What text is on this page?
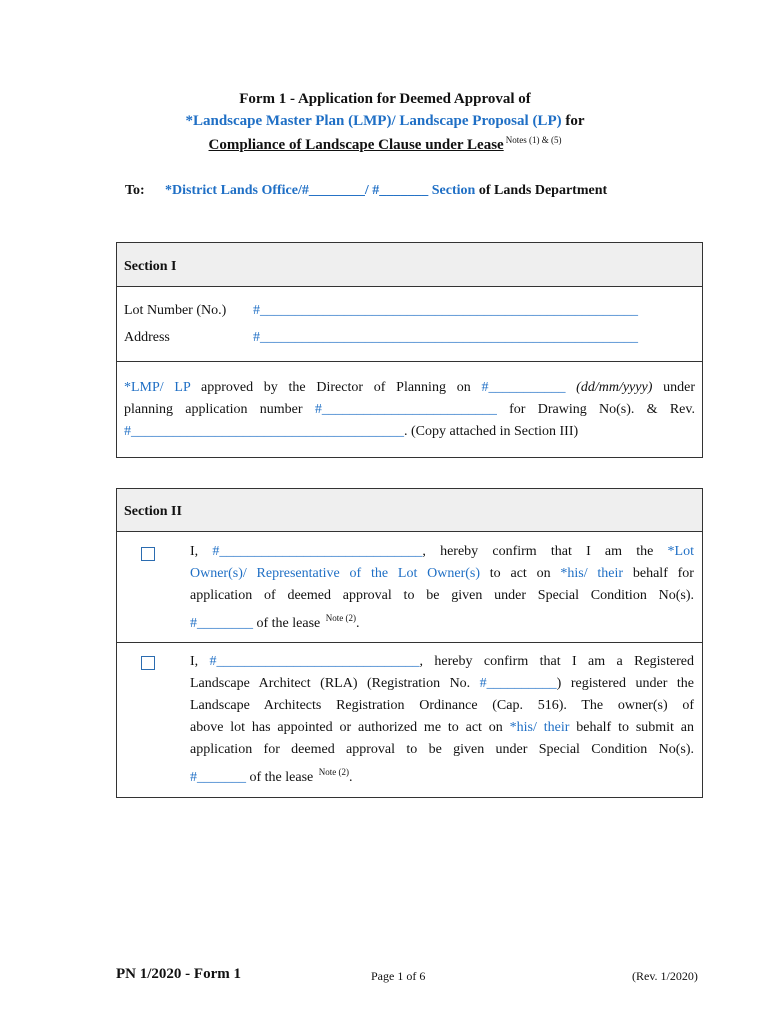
Form 1 - Application for Deemed Approval of
*Landscape Master Plan (LMP)/ Landscape Proposal (LP) for
Compliance of Landscape Clause under Lease $^{Notes (1) \& (5)}$
To: *District Lands Office/#________/ #_______ Section of Lands Department
Section I
Lot Number (No.) #______________________________________________________
Address	#______________________________________________________
*LMP/ LP approved by the Director of Planning on #___________ (dd/mm/yyyy) under
planning application number #_________________________ for Drawing No(s). & Rev.
#_______________________________________. (Copy attached in Section III)
Section II
I, #_____________________________, hereby confirm that I am the *Lot
Owner(s)/ Representative of the Lot Owner(s) to act on *his/ their behalf for
application of deemed approval to be given under Special Condition No(s).
#________ of the lease $^{Note (2)}$.
I, #_____________________________, hereby confirm that I am a Registered
Landscape Architect (RLA) (Registration No. #__________) registered under the
Landscape Architects Registration Ordinance (Cap. 516). The owner(s) of
above lot has appointed or authorized me to act on *his/ their behalf to submit an
application for deemed approval to be given under Special Condition No(s).
#_______ of the lease $^{Note (2)}$.
PN 1/2020 - Form 1	Page 1 of 6	(Rev. 1/2020)
